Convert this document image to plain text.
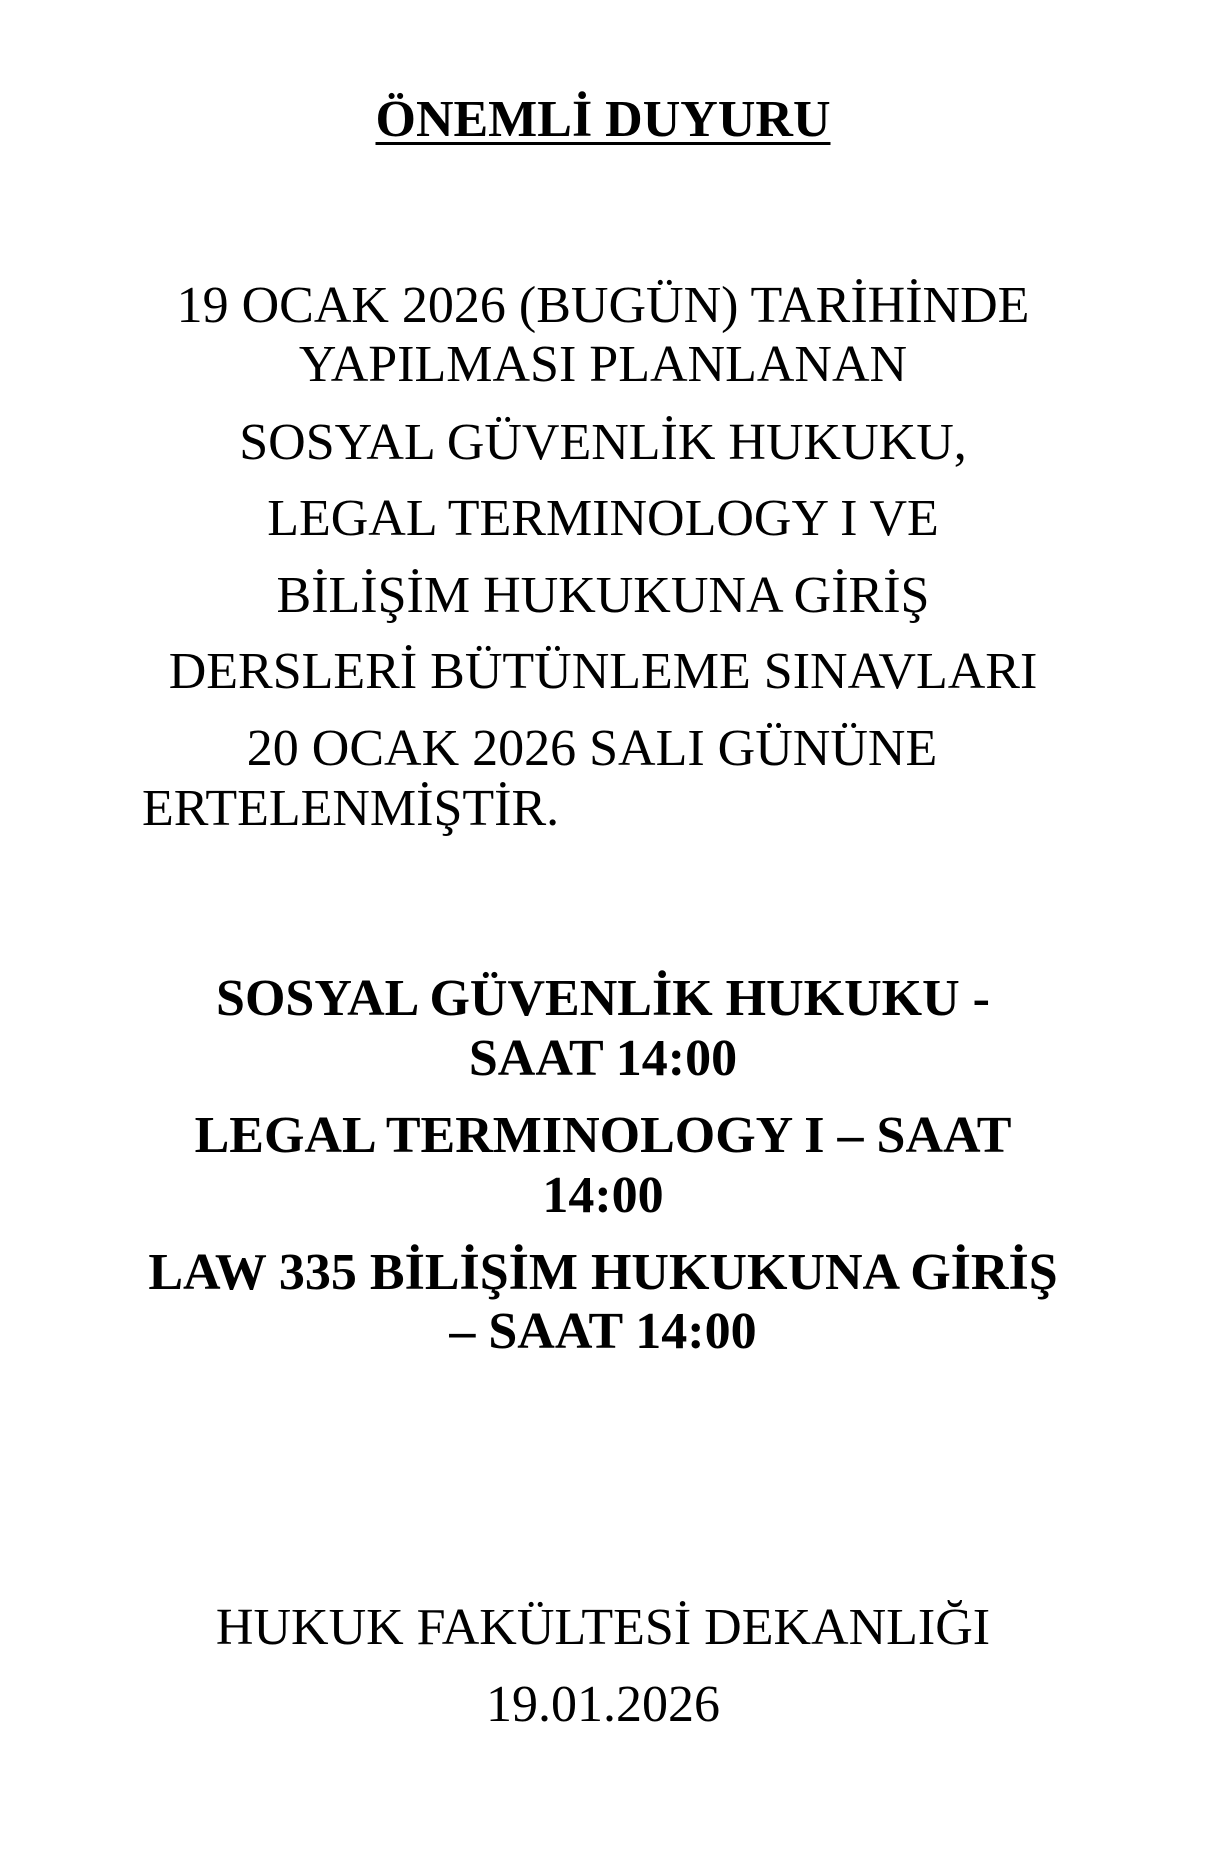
ÖNEMLİ DUYURU
19 OCAK 2026 (BUGÜN) TARİHİNDE
YAPILMASI PLANLANAN
SOSYAL GÜVENLİK HUKUKU,
LEGAL TERMINOLOGY I VE
BİLİŞİM HUKUKUNA GİRİŞ
DERSLERİ BÜTÜNLEME SINAVLARI
20 OCAK 2026 SALI GÜNÜNE
ERTELENMİŞTİR.
SOSYAL GÜVENLİK HUKUKU -
SAAT 14:00
LEGAL TERMINOLOGY I – SAAT
14:00
LAW 335 BİLİŞİM HUKUKUNA GİRİŞ
– SAAT 14:00
HUKUK FAKÜLTESİ DEKANLIĞI
19.01.2026
